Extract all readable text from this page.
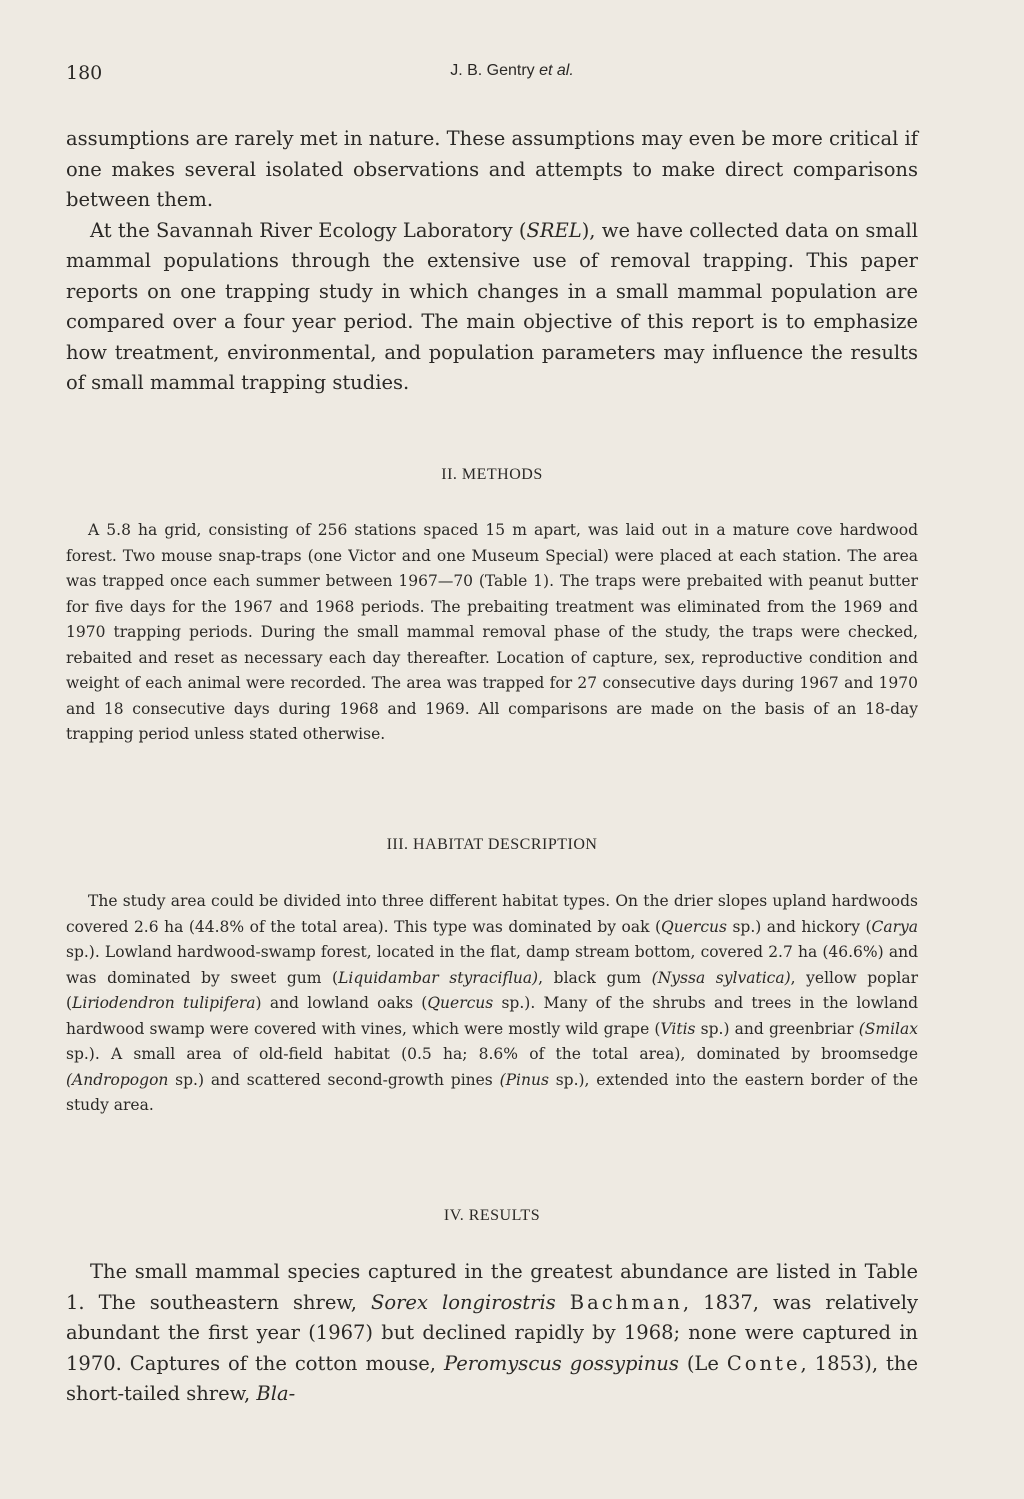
180	J. B. Gentry et al.

assumptions are rarely met in nature. These assumptions may even be more critical if one makes several isolated observations and attempts to make direct comparisons between them.

At the Savannah River Ecology Laboratory (SREL), we have collected data on small mammal populations through the extensive use of removal trapping. This paper reports on one trapping study in which changes in a small mammal population are compared over a four year period. The main objective of this report is to emphasize how treatment, environmental, and population parameters may influence the results of small mammal trapping studies.

II. METHODS

A 5.8 ha grid, consisting of 256 stations spaced 15 m apart, was laid out in a mature cove hardwood forest. Two mouse snap-traps (one Victor and one Museum Special) were placed at each station. The area was trapped once each summer between 1967—70 (Table 1). The traps were prebaited with peanut butter for five days for the 1967 and 1968 periods. The prebaiting treatment was eliminated from the 1969 and 1970 trapping periods. During the small mammal removal phase of the study, the traps were checked, rebaited and reset as necessary each day thereafter. Location of capture, sex, reproductive condition and weight of each animal were recorded. The area was trapped for 27 consecutive days during 1967 and 1970 and 18 consecutive days during 1968 and 1969. All comparisons are made on the basis of an 18-day trapping period unless stated otherwise.

III. HABITAT DESCRIPTION

The study area could be divided into three different habitat types. On the drier slopes upland hardwoods covered 2.6 ha (44.8% of the total area). This type was dominated by oak (Quercus sp.) and hickory (Carya sp.). Lowland hardwood-swamp forest, located in the flat, damp stream bottom, covered 2.7 ha (46.6%) and was dominated by sweet gum (Liquidambar styraciflua), black gum (Nyssa sylvatica), yellow poplar (Liriodendron tulipifera) and lowland oaks (Quercus sp.). Many of the shrubs and trees in the lowland hardwood swamp were covered with vines, which were mostly wild grape (Vitis sp.) and greenbriar (Smilax sp.). A small area of old-field habitat (0.5 ha; 8.6% of the total area), dominated by broomsedge (Andropogon sp.) and scattered second-growth pines (Pinus sp.), extended into the eastern border of the study area.

IV. RESULTS

The small mammal species captured in the greatest abundance are listed in Table 1. The southeastern shrew, Sorex longirostris Bachman, 1837, was relatively abundant the first year (1967) but declined rapidly by 1968; none were captured in 1970. Captures of the cotton mouse, Peromyscus gossypinus (Le Conte, 1853), the short-tailed shrew, Bla-
